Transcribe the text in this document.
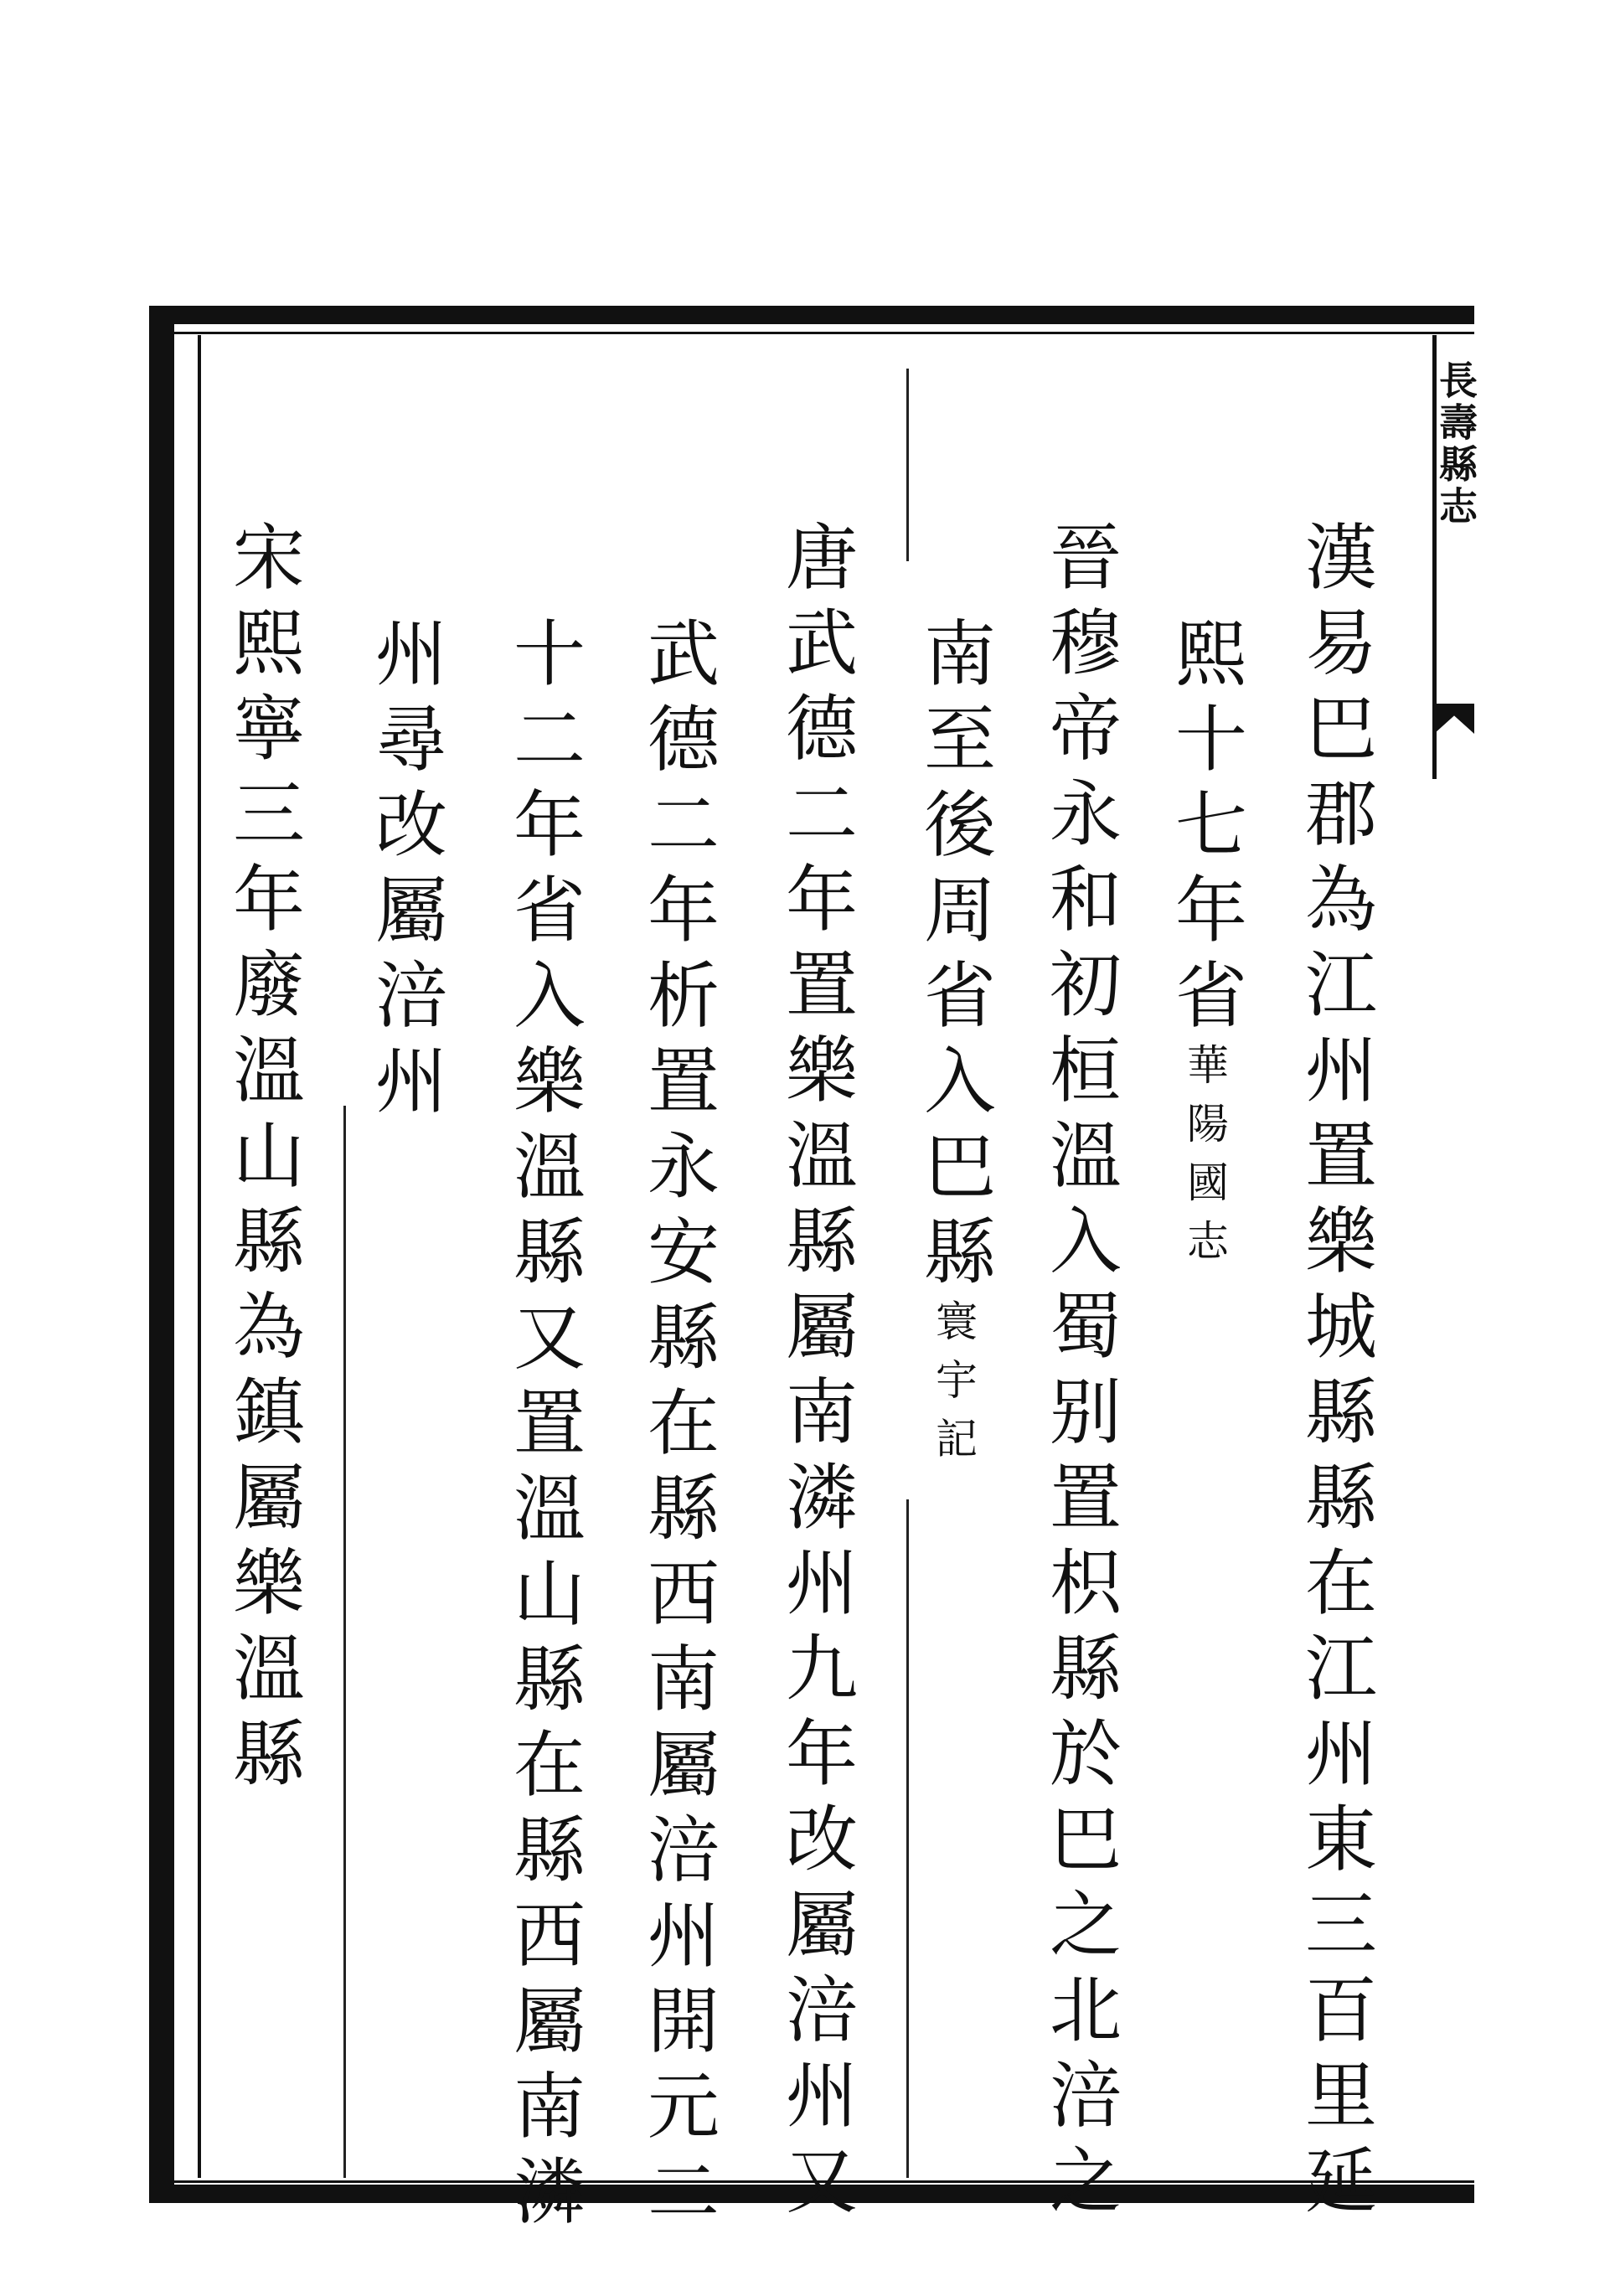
長壽縣志
漢易巴郡為江州置樂城縣縣在江州東三百里延
熙十七年省華陽國志
晉穆帝永和初桓溫入蜀别置枳縣於巴之北涪之
南至後周省入巴縣寰宇記
唐武德二年置樂溫縣屬南潾州九年改屬涪州又
武德二年析置永安縣在縣西南屬涪州開元二
十二年省入樂溫縣又置溫山縣在縣西屬南潾
州尋改屬涪州
宋熙寧三年廢溫山縣為鎮屬樂溫縣
